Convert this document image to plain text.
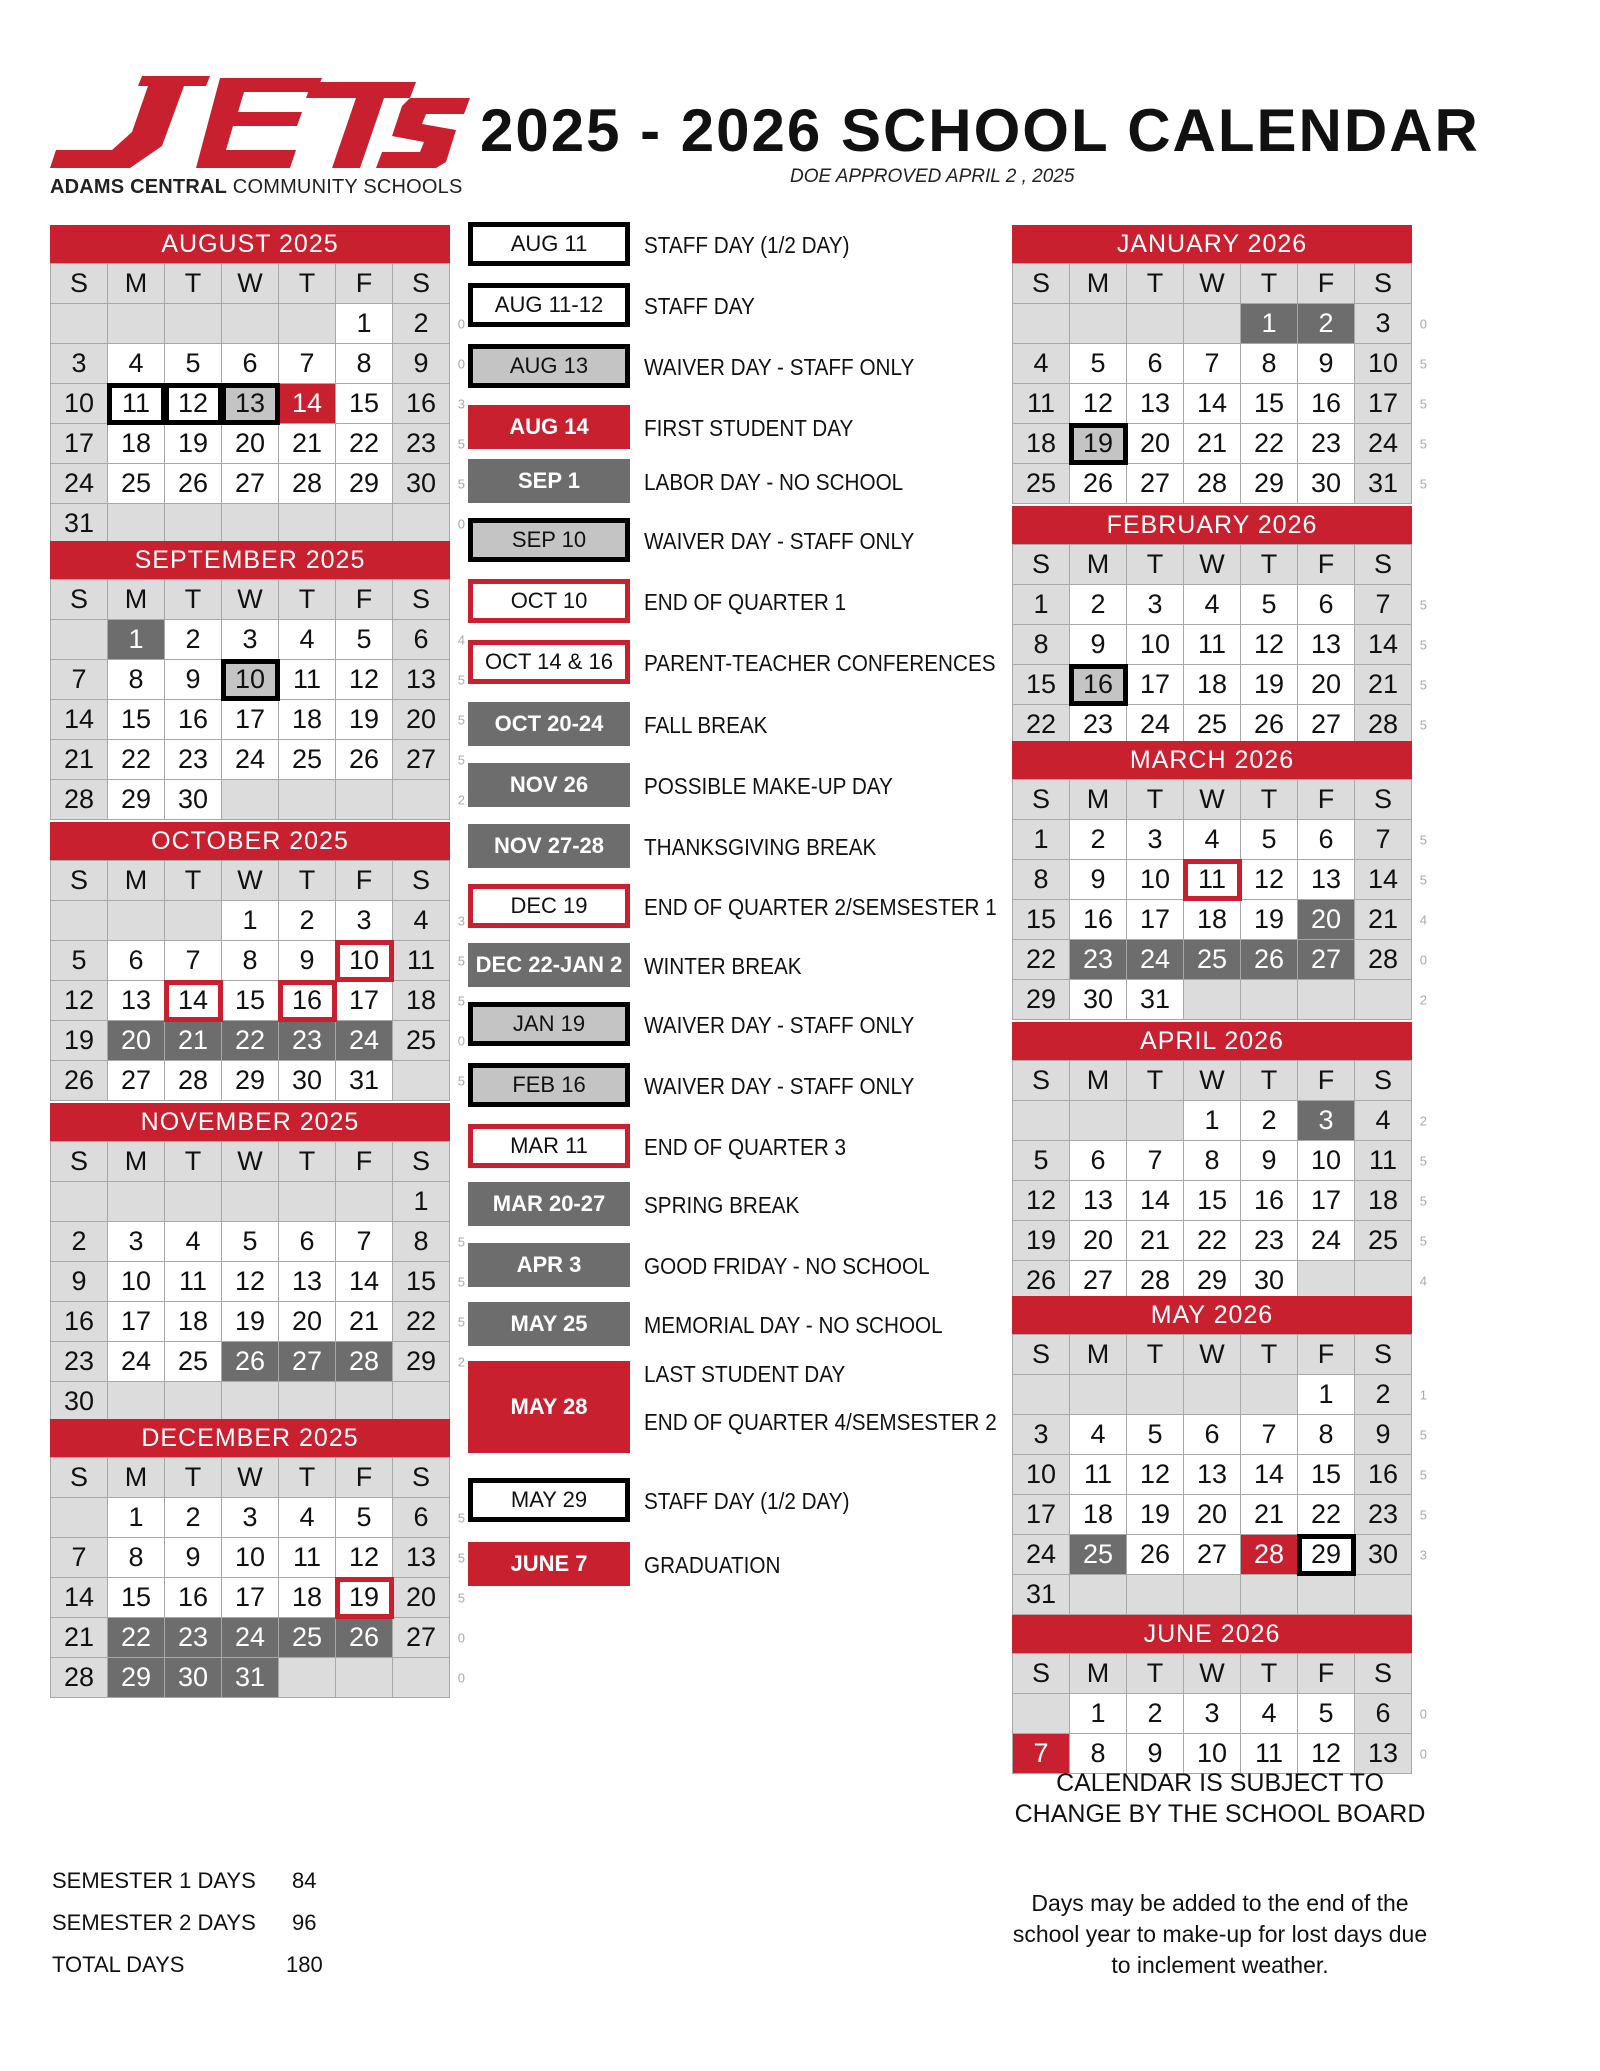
ADAMS CENTRAL COMMUNITY SCHOOLS
2025 - 2026 SCHOOL CALENDAR
DOE APPROVED APRIL 2 , 2025
AUGUST 2025
S	M	T	W	T	F	S
					1	2 0

3	4	5	6	7	8	9 0

10	11	12	13	14	15	16 3

17	18	19	20	21	22	23 5

24	25	26	27	28	29	30 5

31						0
SEPTEMBER 2025
S	M	T	W	T	F	S
	1	2	3	4	5	6 4

7	8	9	10	11	12	13 5

14	15	16	17	18	19	20 5

21	22	23	24	25	26	27 5

28	29	30				2
OCTOBER 2025
S	M	T	W	T	F	S
			1	2	3	4 3

5	6	7	8	9	10	11 5

12	13	14	15	16	17	18 5

19	20	21	22	23	24	25 0

26	27	28	29	30	31	5
NOVEMBER 2025
S	M	T	W	T	F	S
						1
2	3	4	5	6	7	8 5

9	10	11	12	13	14	15 5

16	17	18	19	20	21	22 5

23	24	25	26	27	28	29 2

30						
DECEMBER 2025
S	M	T	W	T	F	S
	1	2	3	4	5	6 5

7	8	9	10	11	12	13 5

14	15	16	17	18	19	20 5

21	22	23	24	25	26	27 0

28	29	30	31			0
JANUARY 2026
S	M	T	W	T	F	S
				1	2	3 0

4	5	6	7	8	9	10 5

11	12	13	14	15	16	17 5

18	19	20	21	22	23	24 5

25	26	27	28	29	30	31 5
FEBRUARY 2026
S	M	T	W	T	F	S
1	2	3	4	5	6	7 5

8	9	10	11	12	13	14 5

15	16	17	18	19	20	21 5

22	23	24	25	26	27	28 5
MARCH 2026
S	M	T	W	T	F	S
1	2	3	4	5	6	7 5

8	9	10	11	12	13	14 5

15	16	17	18	19	20	21 4

22	23	24	25	26	27	28 0

29	30	31				2
APRIL 2026
S	M	T	W	T	F	S
			1	2	3	4 2

5	6	7	8	9	10	11 5

12	13	14	15	16	17	18 5

19	20	21	22	23	24	25 5

26	27	28	29	30		4
MAY 2026
S	M	T	W	T	F	S
					1	2 1

3	4	5	6	7	8	9 5

10	11	12	13	14	15	16 5

17	18	19	20	21	22	23 5

24	25	26	27	28	29	30 3

31						
JUNE 2026
S	M	T	W	T	F	S
	1	2	3	4	5	6 0

7	8	9	10	11	12	13 0
AUG 11	STAFF DAY (1/2 DAY)
AUG 11-12	STAFF DAY
AUG 13	WAIVER DAY - STAFF ONLY
AUG 14	FIRST STUDENT DAY
SEP 1	LABOR DAY - NO SCHOOL
SEP 10	WAIVER DAY - STAFF ONLY
OCT 10	END OF QUARTER 1
OCT 14 & 16	PARENT-TEACHER CONFERENCES
OCT 20-24	FALL BREAK
NOV 26	POSSIBLE MAKE-UP DAY
NOV 27-28	THANKSGIVING BREAK
DEC 19	END OF QUARTER 2/SEMSESTER 1
DEC 22-JAN 2 WINTER BREAK
JAN 19	WAIVER DAY - STAFF ONLY
FEB 16	WAIVER DAY - STAFF ONLY
MAR 11	END OF QUARTER 3
MAR 20-27	SPRING BREAK
APR 3	GOOD FRIDAY - NO SCHOOL
MAY 25	MEMORIAL DAY - NO SCHOOL
MAY 28
LAST STUDENT DAY
END OF QUARTER 4/SEMSESTER 2
MAY 29	STAFF DAY (1/2 DAY)
JUNE 7	GRADUATION
SEMESTER 1 DAYS 84
SEMESTER 2 DAYS 96
TOTAL DAYS	180
CALENDAR IS SUBJECT TO CHANGE BY THE SCHOOL BOARD
Days may be added to the end of the school year to make-up for lost days due to inclement weather.
